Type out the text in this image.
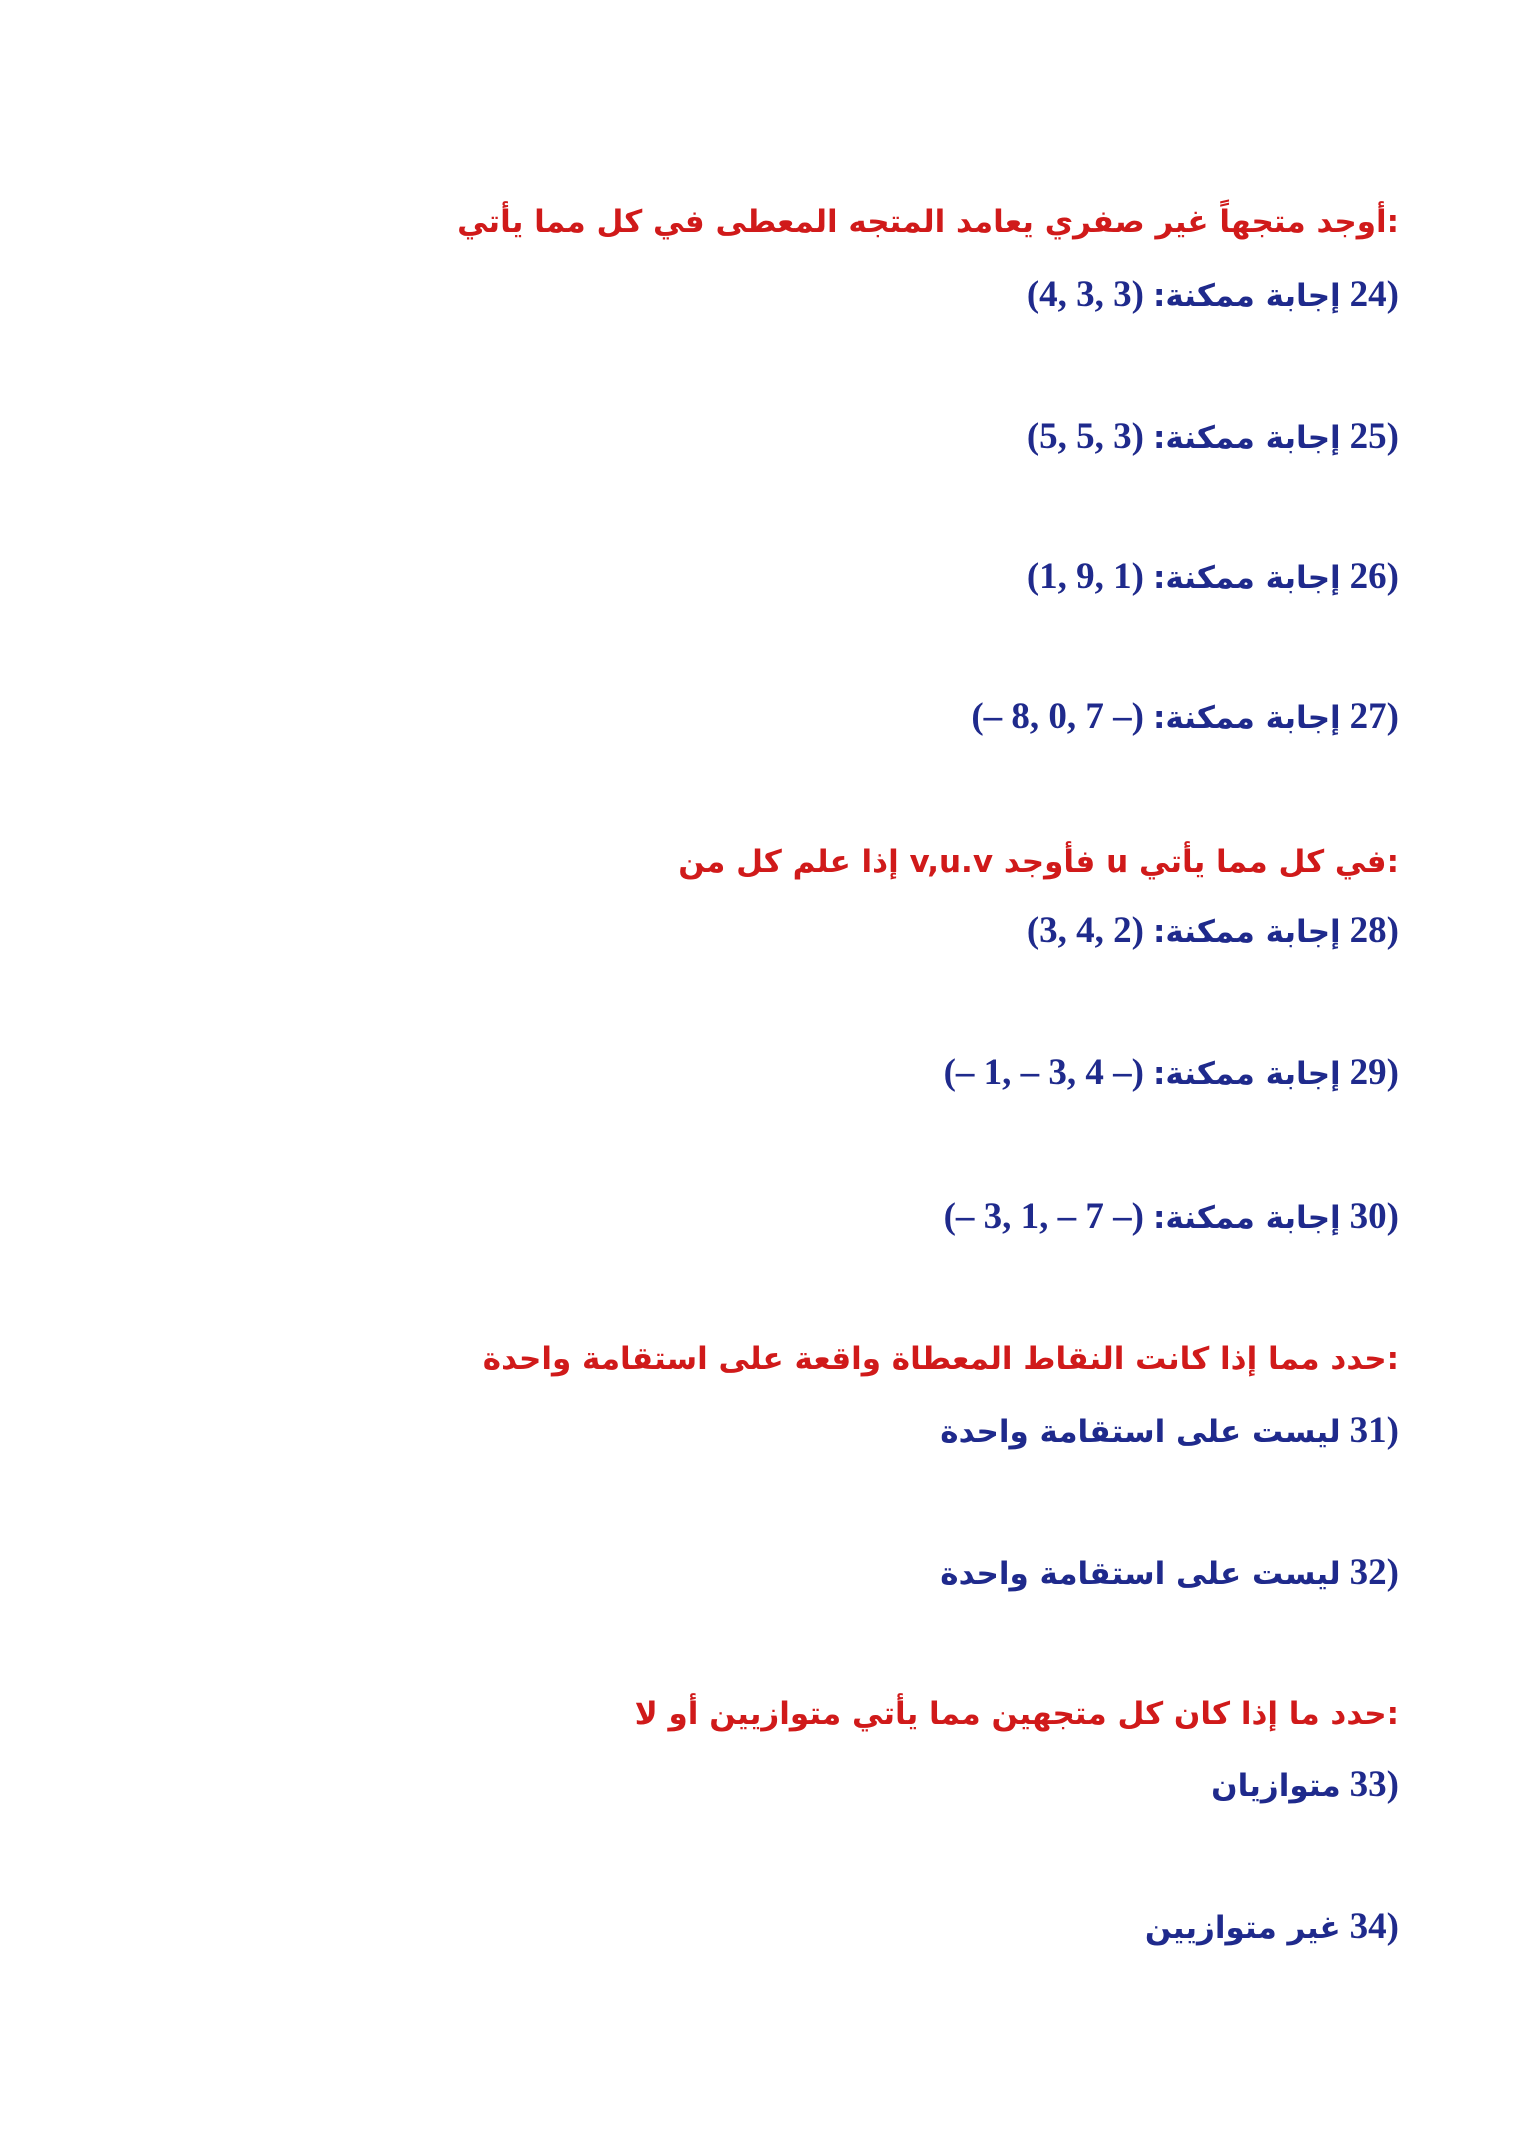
أوجد متجهاً غير صفري يعامد المتجه المعطى في كل مما يأتي:
(4, 3, 3) إجابة ممكنة: (24
(5, 5, 3) إجابة ممكنة: (25
(1, 9, 1) إجابة ممكنة: (26
(– 8, 0, 7 –) إجابة ممكنة: (27
إذا علم كل من v,u.v فأوجد u في كل مما يأتي:
(3, 4, 2) إجابة ممكنة: (28
(– 1, – 3, 4 –) إجابة ممكنة: (29
(– 3, 1, – 7 –) إجابة ممكنة: (30
حدد مما إذا كانت النقاط المعطاة واقعة على استقامة واحدة:
ليست على استقامة واحدة (31
ليست على استقامة واحدة (32
حدد ما إذا كان كل متجهين مما يأتي متوازيين أو لا:
متوازيان (33
غير متوازيين (34
